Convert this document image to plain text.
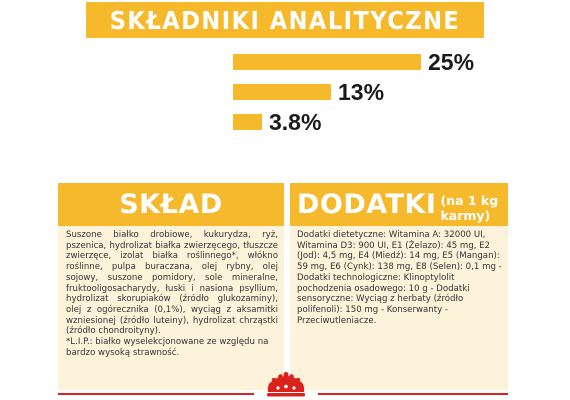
SKŁADNIKI ANALITYCZNE
25%
13%
3.8%
SKŁAD
Suszone białko drobiowe, kukurydza, ryż, pszenica, hydrolizat białka zwierzęcego, tłuszcze zwierzęce, izolat białka roślinnego*, włókno roślinne, pulpa buraczana, olej rybny, olej sojowy, suszone pomidory, sole mineralne, fruktooligosacharydy, łuski i nasiona psyllium, hydrolizat skorupiaków (źródło glukozaminy), olej z ogórecznika (0,1%), wyciąg z aksamitki wzniesionej (źródło luteiny), hydrolizat chrząstki (źródło chondroityny).
*L.I.P.: białko wyselekcjonowane ze względu na bardzo wysoką strawność.
DODATKI (na 1 kg karmy)
Dodatki dietetyczne: Witamina A: 32000 UI, Witamina D3: 900 UI, E1 (Żelazo): 45 mg, E2 (Jod): 4,5 mg, E4 (Miedź): 14 mg, E5 (Mangan): 59 mg, E6 (Cynk): 138 mg, E8 (Selen): 0,1 mg - Dodatki technologiczne: Klinoptylolit pochodzenia osadowego: 10 g - Dodatki sensoryczne: Wyciąg z herbaty (źródło polifenoli): 150 mg - Konserwanty - Przeciwutleniacze.
